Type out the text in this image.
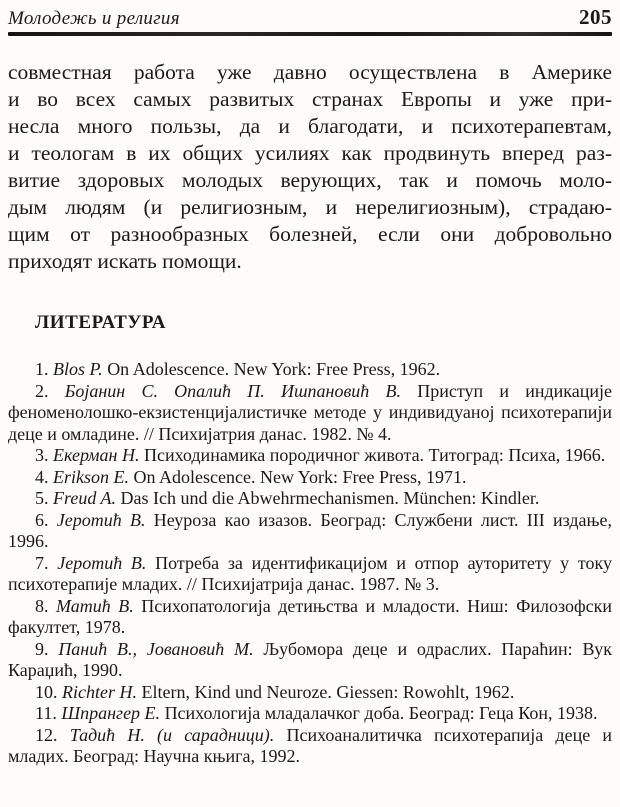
Молодежь и религия	205
совместная работа уже давно осуществлена в Америке
и во всех самых развитых странах Европы и уже при-
несла много пользы, да и благодати, и психотерапевтам,
и теологам в их общих усилиях как продвинуть вперед раз-
витие здоровых молодых верующих, так и помочь моло-
дым людям (и религиозным, и нерелигиозным), страдаю-
щим от разнообразных болезней, если они добровольно
приходят искать помощи.
ЛИТЕРАТУРА

1. Blos P. On Adolescence. New York: Free Press, 1962.

2. Бојанин С. Опалић П. Ишпановић В. Приступ и индикације феноменолошко-екзистенцијалистичке методе у индивидуаној психотерапији деце и омладине. // Психијатрия данас. 1982. № 4.

3. Екерман Н. Психодинамика породичног живота. Титоград: Психа, 1966.

4. Erikson E. On Adolescence. New York: Free Press, 1971.

5. Freud A. Das Ich und die Abwehrmechanismen. München: Kindler.

6. Јеротић В. Неуроза као изазов. Београд: Службени лист. III издање, 1996.

7. Јеротић В. Потреба за идентификацијом и отпор ауторитету у току психотерапије младих. // Психијатрија данас. 1987. № 3.

8. Матић В. Психопатологија детињства и младости. Ниш: Филозофски факултет, 1978.

9. Панић В., Јовановић М. Љубомора деце и одраслих. Параћин: Вук Караџић, 1990.

10. Richter H. Eltern, Kind und Neuroze. Giessen: Rowohlt, 1962.

11. Шпрангер Е. Психологија младалачког доба. Београд: Геца Кон, 1938.

12. Тадић Н. (и сарадници). Психоаналитичка психотерапија деце и младих. Београд: Научна књига, 1992.
